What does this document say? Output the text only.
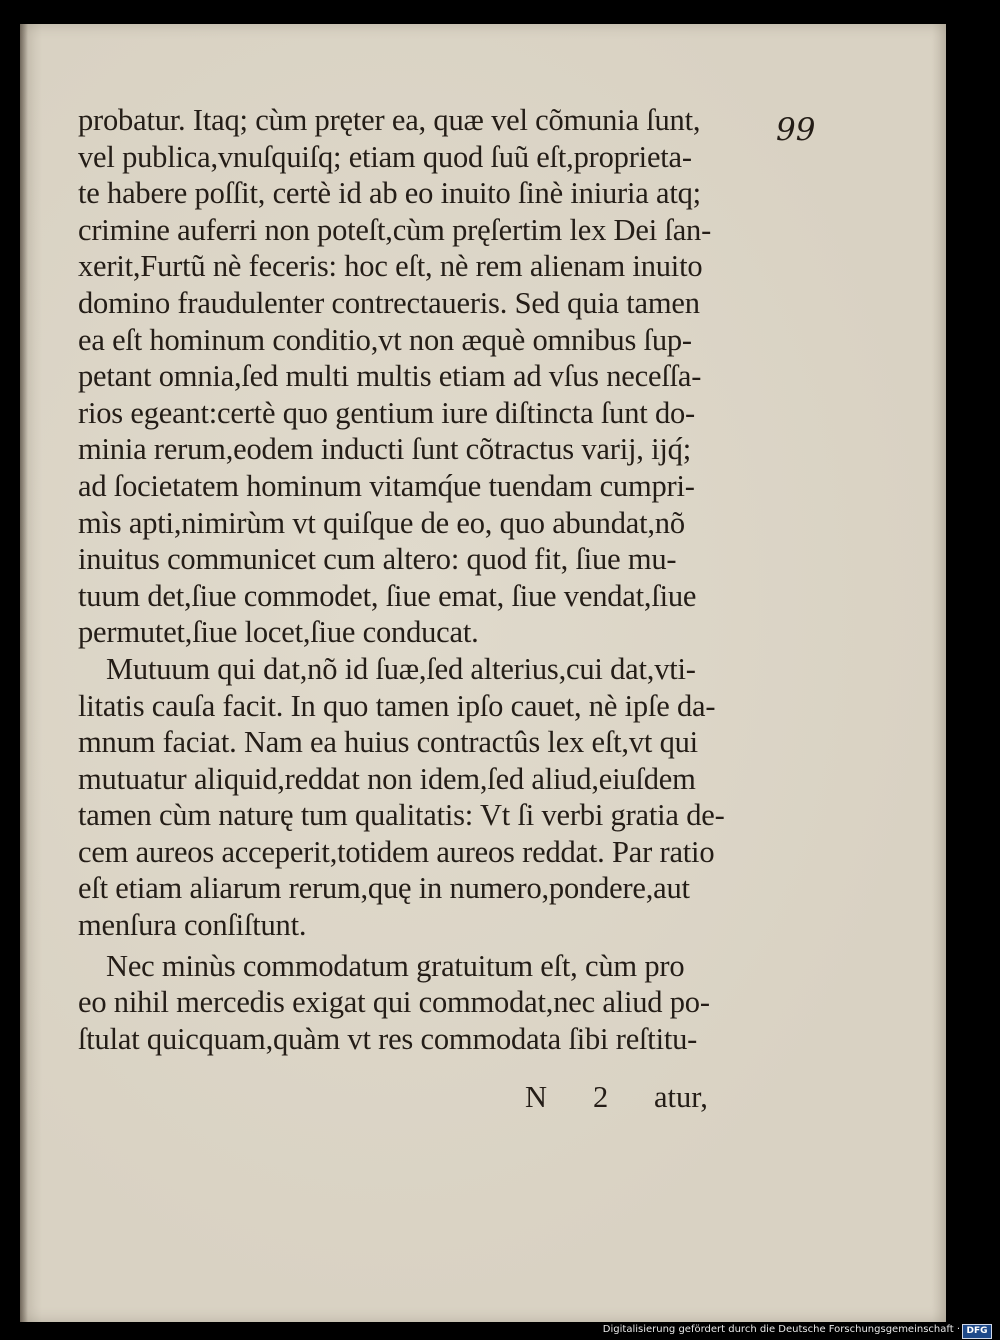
99

probatur. Itaq; cùm pręter ea, quæ vel cõmunia ſunt,
vel publica,vnuſquiſq; etiam quod ſuũ eſt,proprieta-
te habere poſſit, certè id ab eo inuito ſinè iniuria atq;
crimine auferri non poteſt,cùm pręſertim lex Dei ſan-
xerit,Furtũ nè feceris: hoc eſt, nè rem alienam inuito
domino fraudulenter contrectaueris. Sed quia tamen
ea eſt hominum conditio,vt non æquè omnibus ſup-
petant omnia,ſed multi multis etiam ad vſus neceſſa-
rios egeant:certè quo gentium iure diſtincta ſunt do-
minia rerum,eodem inducti ſunt cõtractus varij, ijq́;
ad ſocietatem hominum vitamq́ue tuendam cumpri-
mìs apti,nimirùm vt quiſque de eo, quo abundat,nõ
inuitus communicet cum altero: quod fit, ſiue mu-
tuum det,ſiue commodet, ſiue emat, ſiue vendat,ſiue
permutet,ſiue locet,ſiue conducat.
Mutuum qui dat,nõ id ſuæ,ſed alterius,cui dat,vti-
litatis cauſa facit. In quo tamen ipſo cauet, nè ipſe da-
mnum faciat. Nam ea huius contractûs lex eſt,vt qui
mutuatur aliquid,reddat non idem,ſed aliud,eiuſdem
tamen cùm naturę tum qualitatis: Vt ſi verbi gratia de-
cem aureos acceperit,totidem aureos reddat. Par ratio
eſt etiam aliarum rerum,quę in numero,pondere,aut
menſura conſiſtunt.
Nec minùs commodatum gratuitum eſt, cùm pro
eo nihil mercedis exigat qui commodat,nec aliud po-
ſtulat quicquam,quàm vt res commodata ſibi reſtitu-
N 2 atur,
Digitalisierung gefördert durch die Deutsche Forschungsgemeinschaft · DFG
